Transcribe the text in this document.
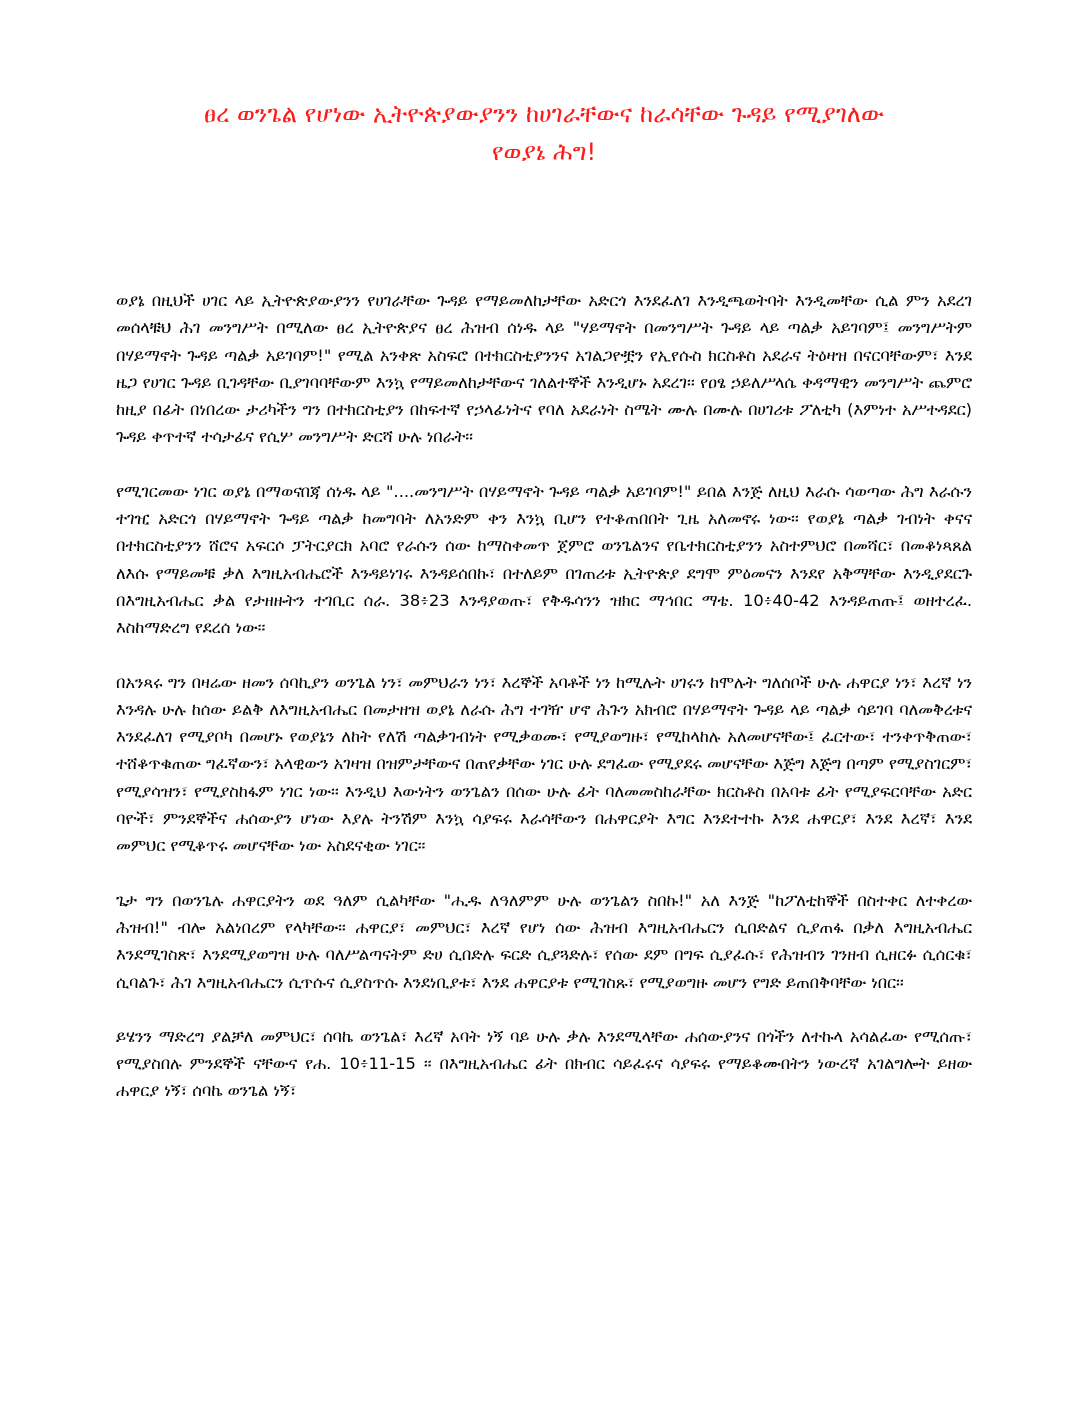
ፀረ ወንጌል የሆነው ኢትዮጵያውያንን ከሀገራቸውና ከራሳቸው ጉዳይ የሚያገለው
የወያኔ ሕግ!

ወያኔ በዚህች ሀገር ላይ ኢትዮጵያውያንን የሀገራቸው ጉዳይ የማይመለከታቸው አድርጎ እንደፈለገ እንዲጫወትባት እንዲመቸው ሲል ምን አደረገ መሰላቹህ ሕገ መንግሥት በሚለው ፀረ ኢትዮጵያና ፀረ ሕዝብ ሰነዱ ላይ "ሃይማኖት በመንግሥት ጉዳይ ላይ ጣልቃ አይገባም፤ መንግሥትም በሃይማኖት ጉዳይ ጣልቃ አይገባም!" የሚል አንቀጽ አስፍሮ በተክርስቲያንንና አገልጋዮቿን የኢየሱስ ክርስቶስ አደራና ትዕዛዝ በናርባቸውም፣ እንደ ዜጋ የሀገር ጉዳይ ቢገዳቸው ቢያገባባቸውም እንኳ የማይመለከታቸውና ገለልተኞች እንዲሆኑ አደረገ፡፡ የዐፄ ኃይለሥላሴ ቀዳማዊን መንግሥት ጨምሮ ከዚያ በፊት በነበረው ታሪካችን ግን በተክርስቲያን በከፍተኛ የኃላፊነትና የባለ አደራነት ስሜት ሙሉ በሙሉ በሀገሪቱ ፖለቲካ (እምነተ አሥተዳደር) ጉዳይ ቀጥተኛ ተሳታፊና የሲሦ መንግሥት ድርሻ ሁሉ ነበራት፡፡

የሚገርመው ነገር ወያኔ በማወናበጃ ሰነዱ ላይ "....መንግሥት በሃይማኖት ጉዳይ ጣልቃ አይገባም!" ይበል እንጅ ለዚህ እራሱ ሳወጣው ሕግ እራሱን ተገዢ አድርጎ በሃይማኖት ጉዳይ ጣልቃ ከመግባት ለአንድም ቀን እንኳ ቢሆን የተቆጠበበት ጊዜ አለመኖሩ ነው፡፡ የወያኔ ጣልቃ ገብነት ቀናና በተክርስቲያንን ሸሮና አፍርሶ ፓትርያርክ አባሮ የራሱን ሰው ከማስቀመጥ ጀምሮ ወንጌልንና የቤተክርስቲያንን አስተምህሮ በመሻር፣ በመቆነጻጸል ለእሱ የማይመቹ ቃለ እግዚአብሔሮች እንዳይነገሩ እንዳይሰበኩ፣ በተለይም በገጠሪቱ ኢትዮጵያ ደግሞ ምዕመናን እንደየ አቅማቸው እንዲያደርጉ በእግዚአብሔር ቃል የታዘዙትን ተገቢር ሰራ. 38፥23 እንዳያወጡ፣ የቅዱሳንን ዝክር ማኅበር ማቴ. 10፥40-42 እንዳይጠጡ፤ ወዘተረፈ. እስከማድረግ የደረሰ ነው፡፡

በአንጻሩ ግን በዛሬው ዘመን ሰባኪያን ወንጌል ነን፣ መምህራን ነን፣ እረኞች አባቶች ነን ከሚሉት ሀገሩን ከሞሉት ግለሰቦች ሁሉ ሐዋርያ ነን፣ እረኛ ነን እንዳሉ ሁሉ ከሰው ይልቅ ለእግዚአብሔር በመታዘዝ ወያኔ ለራሱ ሕግ ተገዥ ሆኖ ሕጉን አክብሮ በሃይማኖት ጉዳይ ላይ ጣልቃ ሳይገባ ባለመቅረቱና እንደፈለገ የሚያቦካ በመሆኑ የወያኔን ለከት የለሽ ጣልቃገብነት የሚቃወሙ፣ የሚያወግዙ፣ የሚከላከሉ አለመሆናቸው፤ ፈርተው፣ ተንቀጥቅጠው፣ ተሸቆጥቁጠው ግፈኛውን፣ አላዊውን አገዛዝ በዝምታቸውና በጠየቃቸው ነገር ሁሉ ደግፈው የሚያደሩ መሆናቸው እጅግ እጅግ በጣም የሚያስገርም፣ የሚያሳዝን፣ የሚያስከፋም ነገር ነው፡፡ እንዲህ እውነትን ወንጌልን በሰው ሁሉ ፊት ባለመመስከራቸው ክርስቶስ በአባቱ ፊት የሚያፍርባቸው አድር ባዮች፣ ምንደኞችና ሐሰውያን ሆነው እያሉ ትንሽም እንኳ ሳያፍሩ እራሳቸውን በሐዋርያት እግር እንደተተኩ እንደ ሐዋርያ፣ እንደ እረኛ፣ እንደ መምህር የሚቆጥሩ መሆናቸው ነው አስደናቂው ነገር፡፡

ጌታ ግን በወንጌሉ ሐዋርያትን ወደ ዓለም ሲልካቸው "ሒዱ ለዓለምም ሁሉ ወንጌልን ስበኩ!" አለ እንጅ "ከፖለቲከኞች በስተቀር ለተቀረው ሕዝብ!" ብሎ አልነበረም የላካቸው፡፡ ሐዋርያ፣ መምህር፣ እረኛ የሆነ ሰው ሕዝብ እግዚአብሔርን ሲበድልና ሲያጠፋ በቃለ እግዚአብሔር እንደሚገስጽ፣ እንደሚያወግዝ ሁሉ ባለሥልጣናትም ድሀ ሲበድሉ ፍርድ ሲያጓድሉ፣ የሰው ደም በግፍ ሲያፈሱ፣ የሕዝብን ገንዘብ ሲዘርፉ ሲሰርቁ፣ ሲባልጉ፣ ሕገ እግዚአብሔርን ሲጥሱና ሲያስጥሱ እንደነቢያቱ፣ እንደ ሐዋርያቱ የሚገስጹ፣ የሚያወግዙ መሆን የግድ ይጠበቅባቸው ነበር፡፡

ይሄንን ማድረግ ያልቻለ መምህር፣ ሰባኬ ወንጌል፣ እረኛ አባት ነኝ ባይ ሁሉ ቃሉ እንደሚላቸው ሐሰውያንና በጎችን ለተኩላ አሳልፈው የሚሰጡ፣ የሚያስበሉ ምንደኞች ናቸውና የሐ. 10፥11-15 ፡፡ በእግዚአብሔር ፊት በክብር ሳይፈሩና ሳያፍሩ የማይቆሙበትን ነውረኛ አገልግሎት ይዘው ሐዋርያ ነኝ፣ ሰባኬ ወንጌል ነኝ፣
